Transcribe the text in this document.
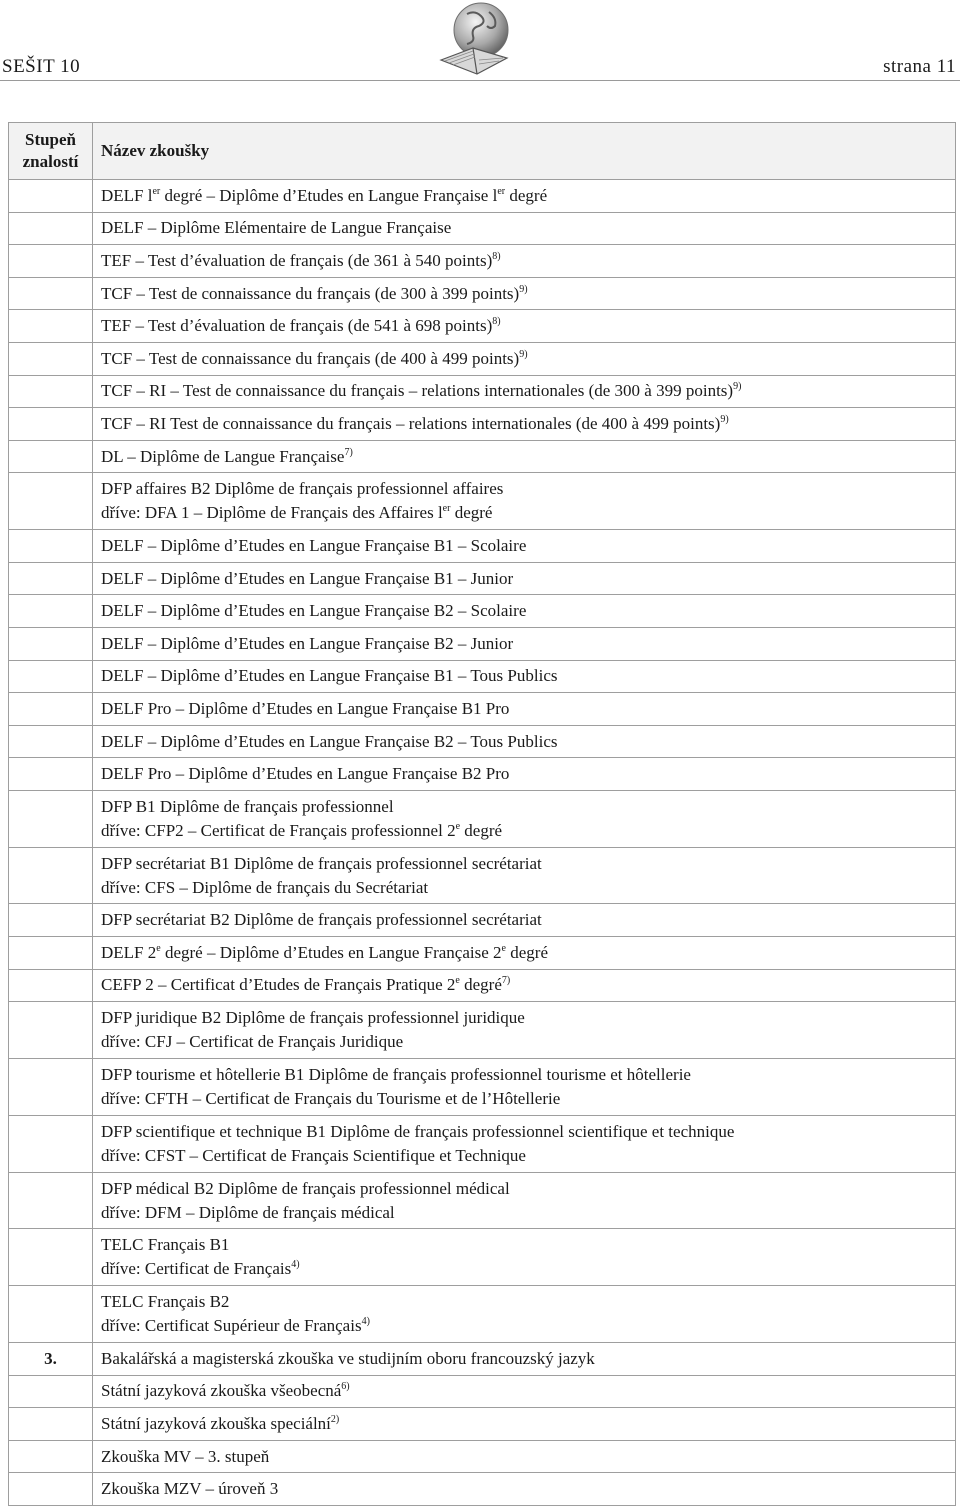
SEŠIT 10	strana 11
Stupeň
znalostí	Název zkoušky

	DELF $l^{er}$ degré – Diplôme d’Etudes en Langue Française $l^{er}$ degré

	DELF – Diplôme Elémentaire de Langue Française

	TEF – Test d’évaluation de français (de 361 à 540 points)$^{8)}$

	TCF – Test de connaissance du français (de 300 à 399 points)$^{9)}$

	TEF – Test d’évaluation de français (de 541 à 698 points)$^{8)}$

	TCF – Test de connaissance du français (de 400 à 499 points)$^{9)}$

	TCF – RI – Test de connaissance du français – relations internationales (de 300 à 399 points)$^{9)}$

	TCF – RI Test de connaissance du français – relations internationales (de 400 à 499 points)$^{9)}$

	DL – Diplôme de Langue Française$^{7)}$

	DFP affaires B2 Diplôme de français professionnel affaires
dříve: DFA 1 – Diplôme de Français des Affaires $l^{er}$ degré

	DELF – Diplôme d’Etudes en Langue Française B1 – Scolaire

	DELF – Diplôme d’Etudes en Langue Française B1 – Junior

	DELF – Diplôme d’Etudes en Langue Française B2 – Scolaire

	DELF – Diplôme d’Etudes en Langue Française B2 – Junior

	DELF – Diplôme d’Etudes en Langue Française B1 – Tous Publics

	DELF Pro – Diplôme d’Etudes en Langue Française B1 Pro

	DELF – Diplôme d’Etudes en Langue Française B2 – Tous Publics

	DELF Pro – Diplôme d’Etudes en Langue Française B2 Pro

	DFP B1 Diplôme de français professionnel
dříve: CFP2 – Certificat de Français professionnel 2e degré

	DFP secrétariat B1 Diplôme de français professionnel secrétariat
dříve: CFS – Diplôme de français du Secrétariat

	DFP secrétariat B2 Diplôme de français professionnel secrétariat

	DELF 2e degré – Diplôme d’Etudes en Langue Française 2e degré

	CEFP 2 – Certificat d’Etudes de Français Pratique 2e degré$^{7)}$

	DFP juridique B2 Diplôme de français professionnel juridique
dříve: CFJ – Certificat de Français Juridique

	DFP tourisme et hôtellerie B1 Diplôme de français professionnel tourisme et hôtellerie
dříve: CFTH – Certificat de Français du Tourisme et de l’Hôtellerie

	DFP scientifique et technique B1 Diplôme de français professionnel scientifique et technique
dříve: CFST – Certificat de Français Scientifique et Technique

	DFP médical B2 Diplôme de français professionnel médical
dříve: DFM – Diplôme de français médical

	TELC Français B1
dříve: Certificat de Français$^{4)}$

	TELC Français B2
dříve: Certificat Supérieur de Français$^{4)}$

3.	Bakalářská a magisterská zkouška ve studijním oboru francouzský jazyk

	Státní jazyková zkouška všeobecná$^{6)}$

	Státní jazyková zkouška speciální$^{2)}$

	Zkouška MV – 3. stupeň

	Zkouška MZV – úroveň 3
